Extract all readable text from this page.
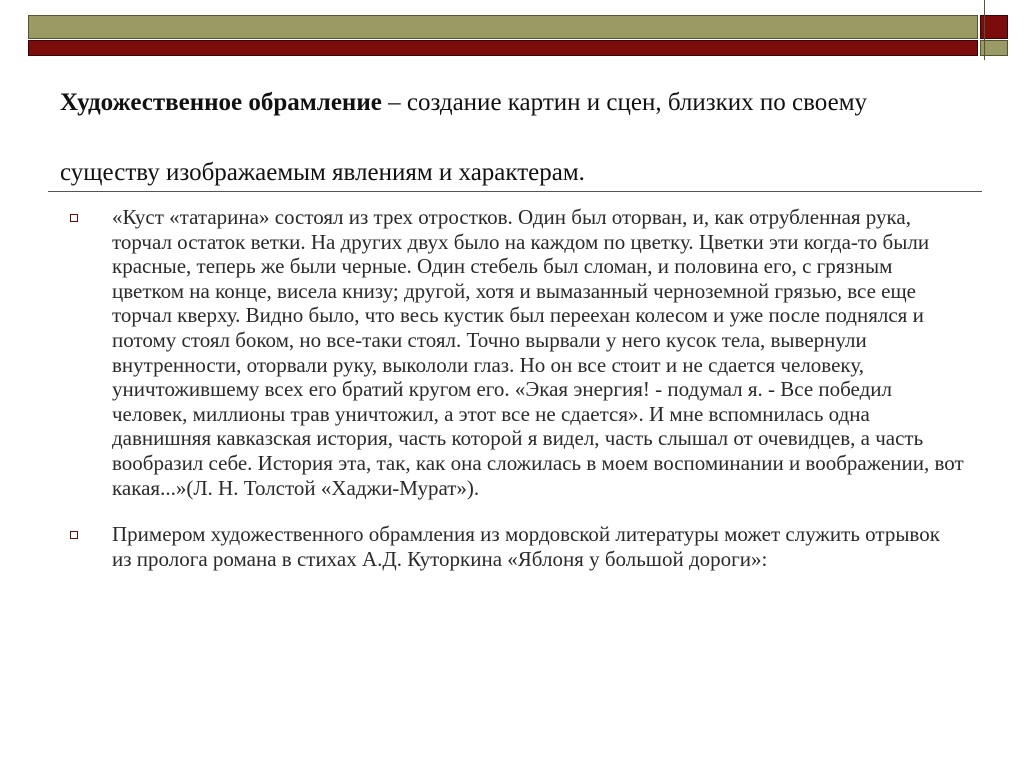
Художественное обрамление – создание картин и сцен, близких по своему существу изображаемым явлениям и характерам.
«Куст «татарина» состоял из трех отростков. Один был оторван, и, как отрубленная рука, торчал остаток ветки. На других двух было на каждом по цветку. Цветки эти когда-то были красные, теперь же были черные. Один стебель был сломан, и половина его, с грязным цветком на конце, висела книзу; другой, хотя и вымазанный черноземной грязью, все еще торчал кверху. Видно было, что весь кустик был переехан колесом и уже после поднялся и потому стоял боком, но все-таки стоял. Точно вырвали у него кусок тела, вывернули внутренности, оторвали руку, выкололи глаз. Но он все стоит и не сдается человеку, уничтожившему всех его братий кругом его. «Экая энергия! - подумал я. - Все победил человек, миллионы трав уничтожил, а этот все не сдается». И мне вспомнилась одна давнишняя кавказская история, часть которой я видел, часть слышал от очевидцев, а часть вообразил себе. История эта, так, как она сложилась в моем воспоминании и воображении, вот какая...»(Л. Н. Толстой «Хаджи-Мурат»).
Примером художественного обрамления из мордовской литературы может служить отрывок из пролога романа в стихах А.Д. Куторкина «Яблоня у большой дороги»:
